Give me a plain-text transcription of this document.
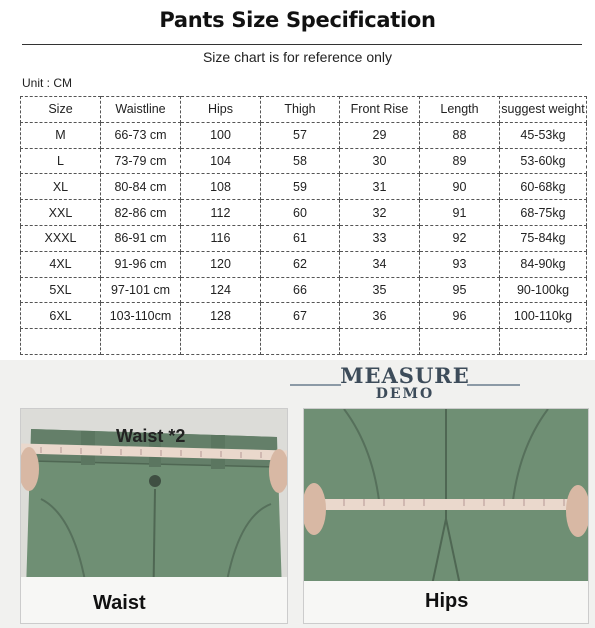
Pants Size Specification
Size chart is for reference only
Unit : CM
Size	Waistline	Hips	Thigh	Front Rise	Length	suggest weight
M	66-73 cm	100	57	29	88	45-53kg
L	73-79 cm	104	58	30	89	53-60kg
XL	80-84 cm	108	59	31	90	60-68kg
XXL	82-86 cm	112	60	32	91	68-75kg
XXXL	86-91 cm	116	61	33	92	75-84kg
4XL	91-96 cm	120	62	34	93	84-90kg
5XL	97-101 cm	124	66	35	95	90-100kg
6XL	103-110cm	128	67	36	96	100-110kg

MEASURE
DEMO
Waist *2
Waist	Hips
